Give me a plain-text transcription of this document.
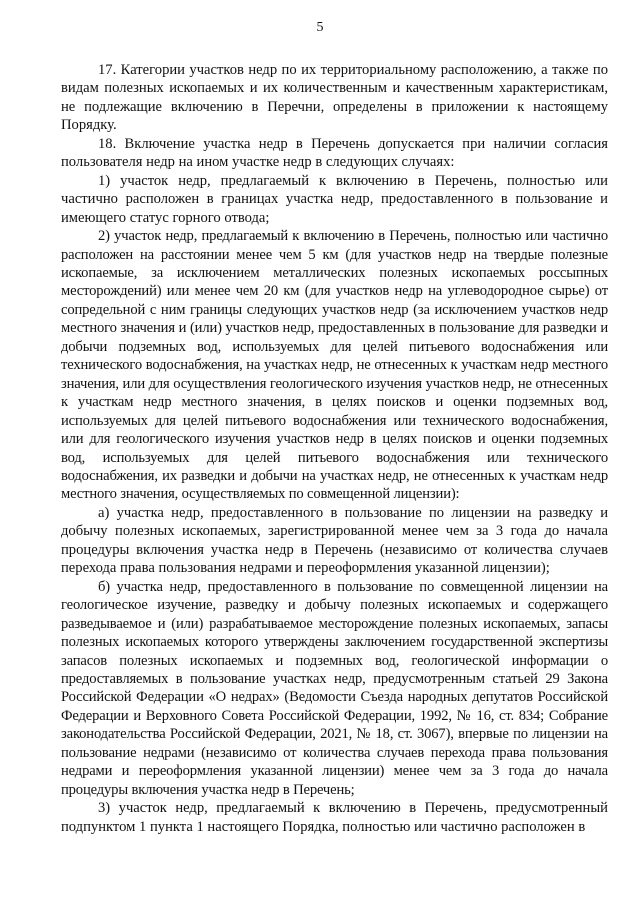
5

17. Категории участков недр по их территориальному расположению, а также по видам полезных ископаемых и их количественным и качественным характеристикам, не подлежащие включению в Перечни, определены в приложении к настоящему Порядку.

18. Включение участка недр в Перечень допускается при наличии согласия пользователя недр на ином участке недр в следующих случаях:

1) участок недр, предлагаемый к включению в Перечень, полностью или частично расположен в границах участка недр, предоставленного в пользование и имеющего статус горного отвода;

2) участок недр, предлагаемый к включению в Перечень, полностью или частично расположен на расстоянии менее чем 5 км (для участков недр на твердые полезные ископаемые, за исключением металлических полезных ископаемых россыпных месторождений) или менее чем 20 км (для участков недр на углеводородное сырье) от сопредельной с ним границы следующих участков недр (за исключением участков недр местного значения и (или) участков недр, предоставленных в пользование для разведки и добычи подземных вод, используемых для целей питьевого водоснабжения или технического водоснабжения, на участках недр, не отнесенных к участкам недр местного значения, или для осуществления геологического изучения участков недр, не отнесенных к участкам недр местного значения, в целях поисков и оценки подземных вод, используемых для целей питьевого водоснабжения или технического водоснабжения, или для геологического изучения участков недр в целях поисков и оценки подземных вод, используемых для целей питьевого водоснабжения или технического водоснабжения, их разведки и добычи на участках недр, не отнесенных к участкам недр местного значения, осуществляемых по совмещенной лицензии):

а) участка недр, предоставленного в пользование по лицензии на разведку и добычу полезных ископаемых, зарегистрированной менее чем за 3 года до начала процедуры включения участка недр в Перечень (независимо от количества случаев перехода права пользования недрами и переоформления указанной лицензии);

б) участка недр, предоставленного в пользование по совмещенной лицензии на геологическое изучение, разведку и добычу полезных ископаемых и содержащего разведываемое и (или) разрабатываемое месторождение полезных ископаемых, запасы полезных ископаемых которого утверждены заключением государственной экспертизы запасов полезных ископаемых и подземных вод, геологической информации о предоставляемых в пользование участках недр, предусмотренным статьей 29 Закона Российской Федерации «О недрах» (Ведомости Съезда народных депутатов Российской Федерации и Верховного Совета Российской Федерации, 1992, № 16, ст. 834; Собрание законодательства Российской Федерации, 2021, № 18, ст. 3067), впервые по лицензии на пользование недрами (независимо от количества случаев перехода права пользования недрами и переоформления указанной лицензии) менее чем за 3 года до начала процедуры включения участка недр в Перечень;

3) участок недр, предлагаемый к включению в Перечень, предусмотренный подпунктом 1 пункта 1 настоящего Порядка, полностью или частично расположен в
